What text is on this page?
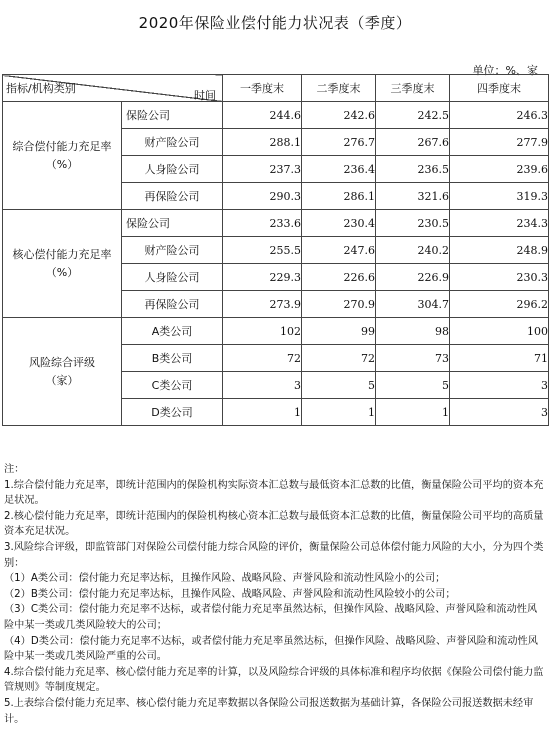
2020年保险业偿付能力状况表（季度）
单位：%、家
时间
指标/机构类别		一季度末	二季度末	三季度末	四季度末

综合偿付能力充足率
（%）	保险公司	244.6	242.6	242.5	246.3
	财产险公司	288.1	276.7	267.6	277.9
	人身险公司	237.3	236.4	236.5	239.6
	再保险公司	290.3	286.1	321.6	319.3

核心偿付能力充足率
（%）	保险公司	233.6	230.4	230.5	234.3
	财产险公司	255.5	247.6	240.2	248.9
	人身险公司	229.3	226.6	226.9	230.3
	再保险公司	273.9	270.9	304.7	296.2

风险综合评级
（家）	A类公司	102	99	98	100
	B类公司	72	72	73	71
	C类公司	3	5	5	3
	D类公司	1	1	1	3
注：
1.综合偿付能力充足率，即统计范围内的保险机构实际资本汇总数与最低资本汇总数的比值，衡量保险公司平均的资本充足状况。
2.核心偿付能力充足率，即统计范围内的保险机构核心资本汇总数与最低资本汇总数的比值，衡量保险公司平均的高质量资本充足状况。
3.风险综合评级，即监管部门对保险公司偿付能力综合风险的评价，衡量保险公司总体偿付能力风险的大小，分为四个类别：
（1）A类公司：偿付能力充足率达标，且操作风险、战略风险、声誉风险和流动性风险小的公司；
（2）B类公司：偿付能力充足率达标，且操作风险、战略风险、声誉风险和流动性风险较小的公司；
（3）C类公司：偿付能力充足率不达标，或者偿付能力充足率虽然达标，但操作风险、战略风险、声誉风险和流动性风险中某一类或几类风险较大的公司；
（4）D类公司：偿付能力充足率不达标，或者偿付能力充足率虽然达标，但操作风险、战略风险、声誉风险和流动性风险中某一类或几类风险严重的公司。
4.综合偿付能力充足率、核心偿付能力充足率的计算，以及风险综合评级的具体标准和程序均依据《保险公司偿付能力监管规则》等制度规定。
5.上表综合偿付能力充足率、核心偿付能力充足率数据以各保险公司报送数据为基础计算，各保险公司报送数据未经审计。
